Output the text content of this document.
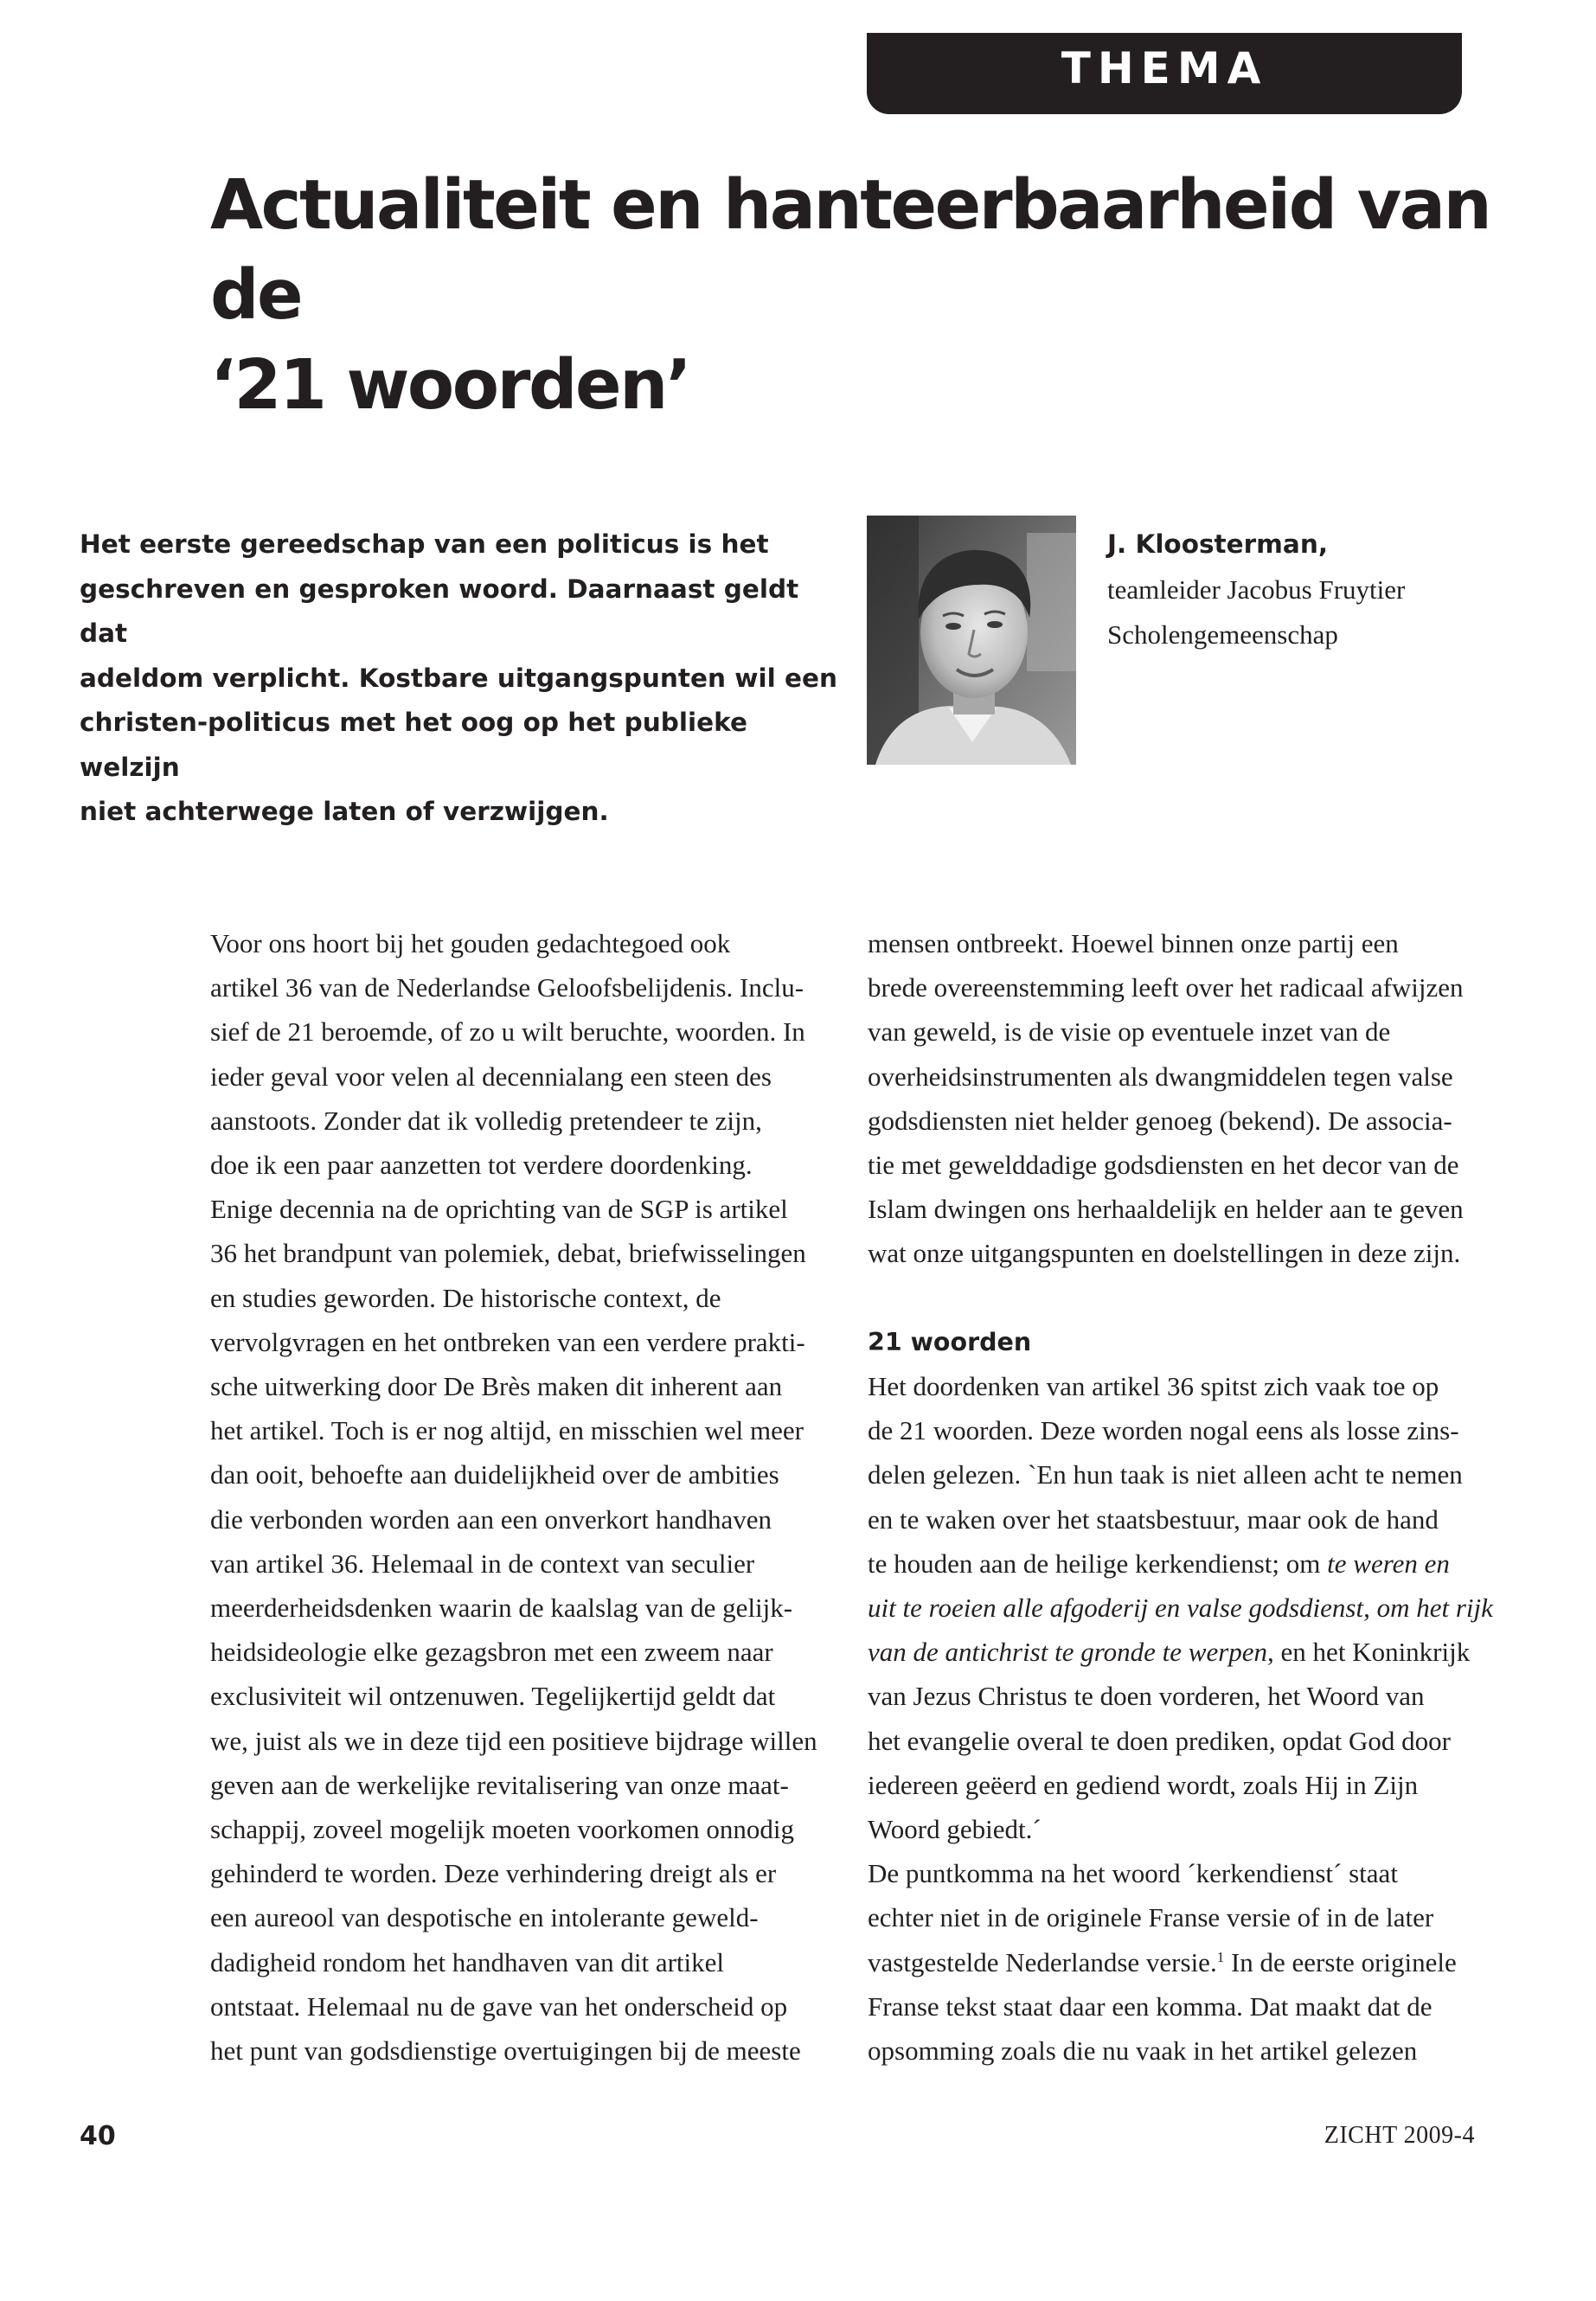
THEMA
Actualiteit en hanteerbaarheid van de
‘21 woorden’

Het eerste gereedschap van een politicus is het
geschreven en gesproken woord. Daarnaast geldt dat
adeldom verplicht. Kostbare uitgangspunten wil een
christen-politicus met het oog op het publieke welzijn
niet achterwege laten of verzwijgen.

J. Kloosterman,

teamleider Jacobus Fruytier
Scholengemeenschap

Voor ons hoort bij het gouden gedachtegoed ook
artikel 36 van de Nederlandse Geloofsbelijdenis. Inclu-
sief de 21 beroemde, of zo u wilt beruchte, woorden. In
ieder geval voor velen al decennialang een steen des
aanstoots. Zonder dat ik volledig pretendeer te zijn,
doe ik een paar aanzetten tot verdere doordenking.
Enige decennia na de oprichting van de SGP is artikel
36 het brandpunt van polemiek, debat, briefwisselingen
en studies geworden. De historische context, de
vervolgvragen en het ontbreken van een verdere prakti-
sche uitwerking door De Brès maken dit inherent aan
het artikel. Toch is er nog altijd, en misschien wel meer
dan ooit, behoefte aan duidelijkheid over de ambities
die verbonden worden aan een onverkort handhaven
van artikel 36. Helemaal in de context van seculier
meerderheidsdenken waarin de kaalslag van de gelijk-
heidsideologie elke gezagsbron met een zweem naar
exclusiviteit wil ontzenuwen. Tegelijkertijd geldt dat
we, juist als we in deze tijd een positieve bijdrage willen
geven aan de werkelijke revitalisering van onze maat-
schappij, zoveel mogelijk moeten voorkomen onnodig
gehinderd te worden. Deze verhindering dreigt als er
een aureool van despotische en intolerante geweld-
dadigheid rondom het handhaven van dit artikel
ontstaat. Helemaal nu de gave van het onderscheid op
het punt van godsdienstige overtuigingen bij de meeste
mensen ontbreekt. Hoewel binnen onze partij een
brede overeenstemming leeft over het radicaal afwijzen
van geweld, is de visie op eventuele inzet van de
overheidsinstrumenten als dwangmiddelen tegen valse
godsdiensten niet helder genoeg (bekend). De associa-
tie met gewelddadige godsdiensten en het decor van de
Islam dwingen ons herhaaldelijk en helder aan te geven
wat onze uitgangspunten en doelstellingen in deze zijn.
21 woorden
Het doordenken van artikel 36 spitst zich vaak toe op
de 21 woorden. Deze worden nogal eens als losse zins-
delen gelezen. `En hun taak is niet alleen acht te nemen
en te waken over het staatsbestuur, maar ook de hand
te houden aan de heilige kerkendienst; om te weren en
uit te roeien alle afgoderij en valse godsdienst, om het rijk
van de antichrist te gronde te werpen, en het Koninkrijk
van Jezus Christus te doen vorderen, het Woord van
het evangelie overal te doen prediken, opdat God door
iedereen geëerd en gediend wordt, zoals Hij in Zijn
Woord gebiedt.´
De puntkomma na het woord ´kerkendienst´ staat
echter niet in de originele Franse versie of in de later
vastgestelde Nederlandse versie.$^1$ In de eerste originele
Franse tekst staat daar een komma. Dat maakt dat de
opsomming zoals die nu vaak in het artikel gelezen

40	ZICHT 2009-4
